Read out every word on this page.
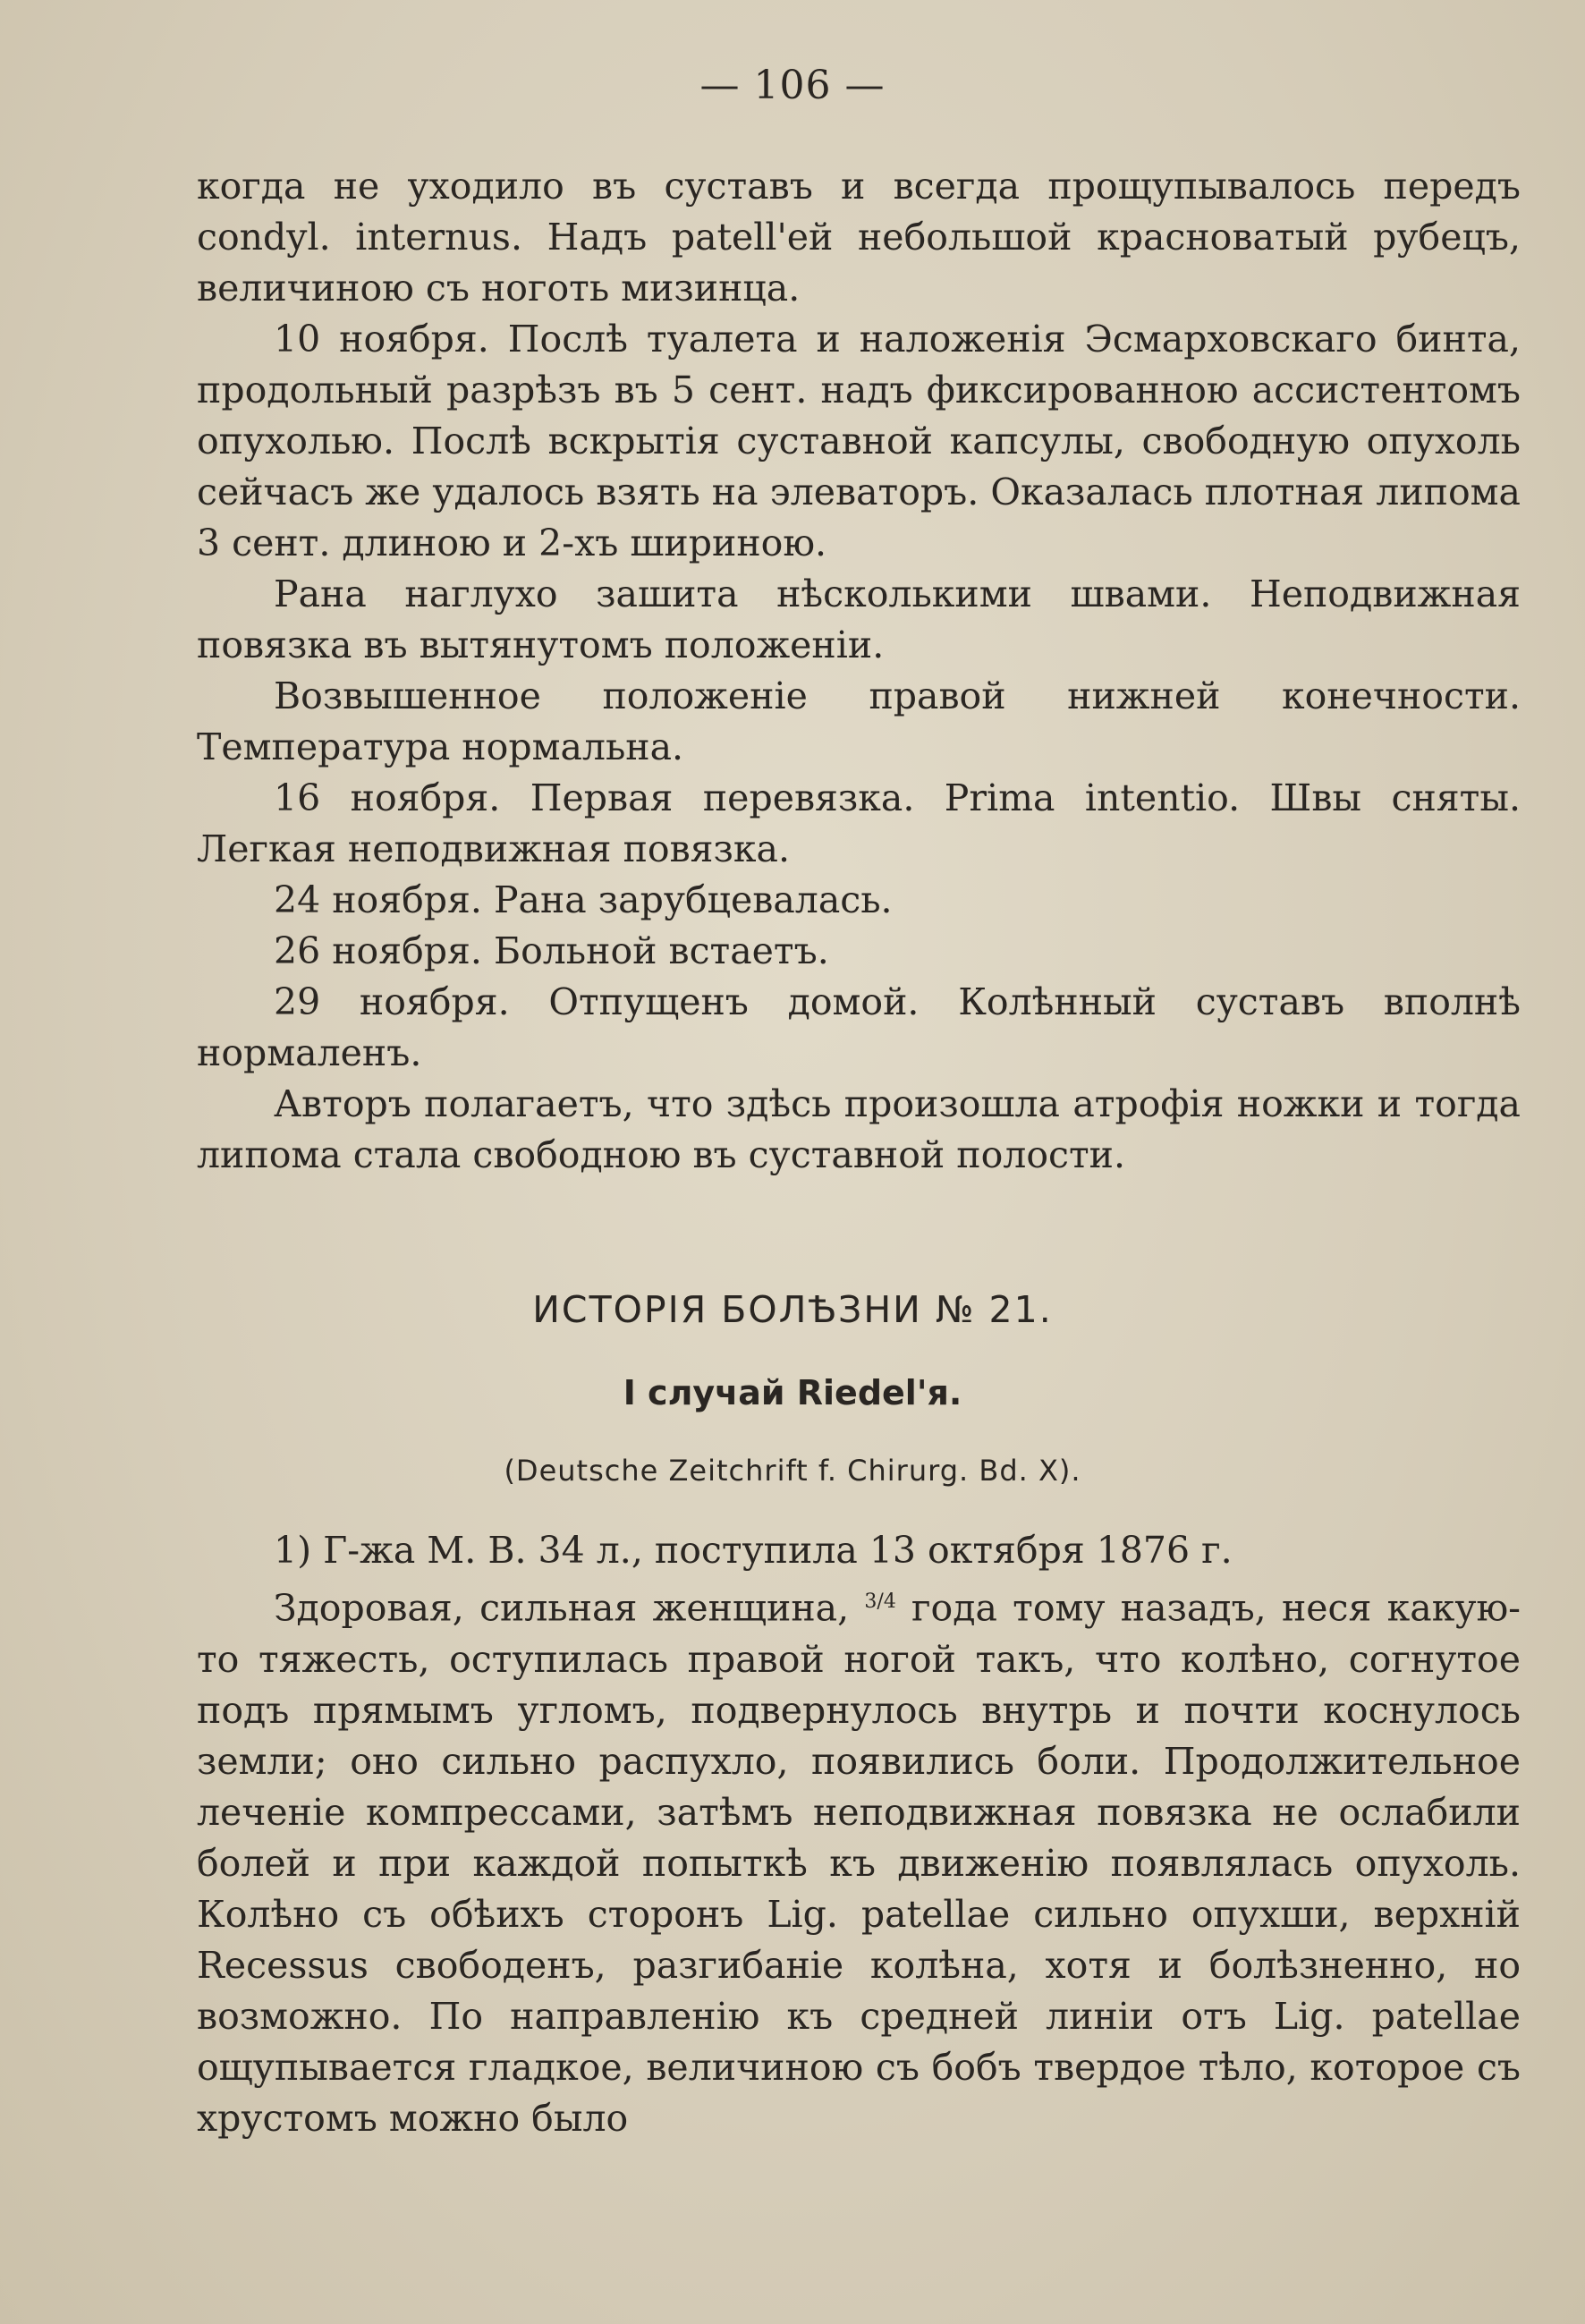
— 106 —

когда не уходило въ суставъ и всегда прощупывалось передъ condyl. internus. Надъ patell'ей небольшой красноватый рубецъ, величиною съ ноготь мизинца.

10 ноября. Послѣ туалета и наложенія Эсмарховскаго бинта, продольный разрѣзъ въ 5 сент. надъ фиксированною ассистентомъ опухолью. Послѣ вскрытія суставной капсулы, свободную опухоль сейчасъ же удалось взять на элеваторъ. Оказалась плотная липома 3 сент. длиною и 2-хъ шириною.

Рана наглухо зашита нѣсколькими швами. Неподвижная повязка въ вытянутомъ положеніи.

Возвышенное положеніе правой нижней конечности. Температура нормальна.

16 ноября. Первая перевязка. Prima intentio. Швы сняты. Легкая неподвижная повязка.

24 ноября. Рана зарубцевалась.

26 ноября. Больной встаетъ.

29 ноября. Отпущенъ домой. Колѣнный суставъ вполнѣ нормаленъ.

Авторъ полагаетъ, что здѣсь произошла атрофія ножки и тогда липома стала свободною въ суставной полости.

ИСТОРІЯ БОЛѢЗНИ № 21.
I случай Riedel'я.
(Deutsche Zeitchrift f. Chirurg. Bd. X).

1) Г-жа М. В. 34 л., поступила 13 октября 1876 г.

Здоровая, сильная женщина, $^{3/4}$ года тому назадъ, неся какую-то тяжесть, оступилась правой ногой такъ, что колѣно, согнутое подъ прямымъ угломъ, подвернулось внутрь и почти коснулось земли; оно сильно распухло, появились боли. Продолжительное леченіе компрессами, затѣмъ неподвижная повязка не ослабили болей и при каждой попыткѣ къ движенію появлялась опухоль. Колѣно съ обѣихъ сторонъ Lig. patellae сильно опухши, верхній Recessus свободенъ, разгибаніе колѣна, хотя и болѣзненно, но возможно. По направленію къ средней линіи отъ Lig. patellae ощупывается гладкое, величиною съ бобъ твердое тѣло, которое съ хрустомъ можно было
